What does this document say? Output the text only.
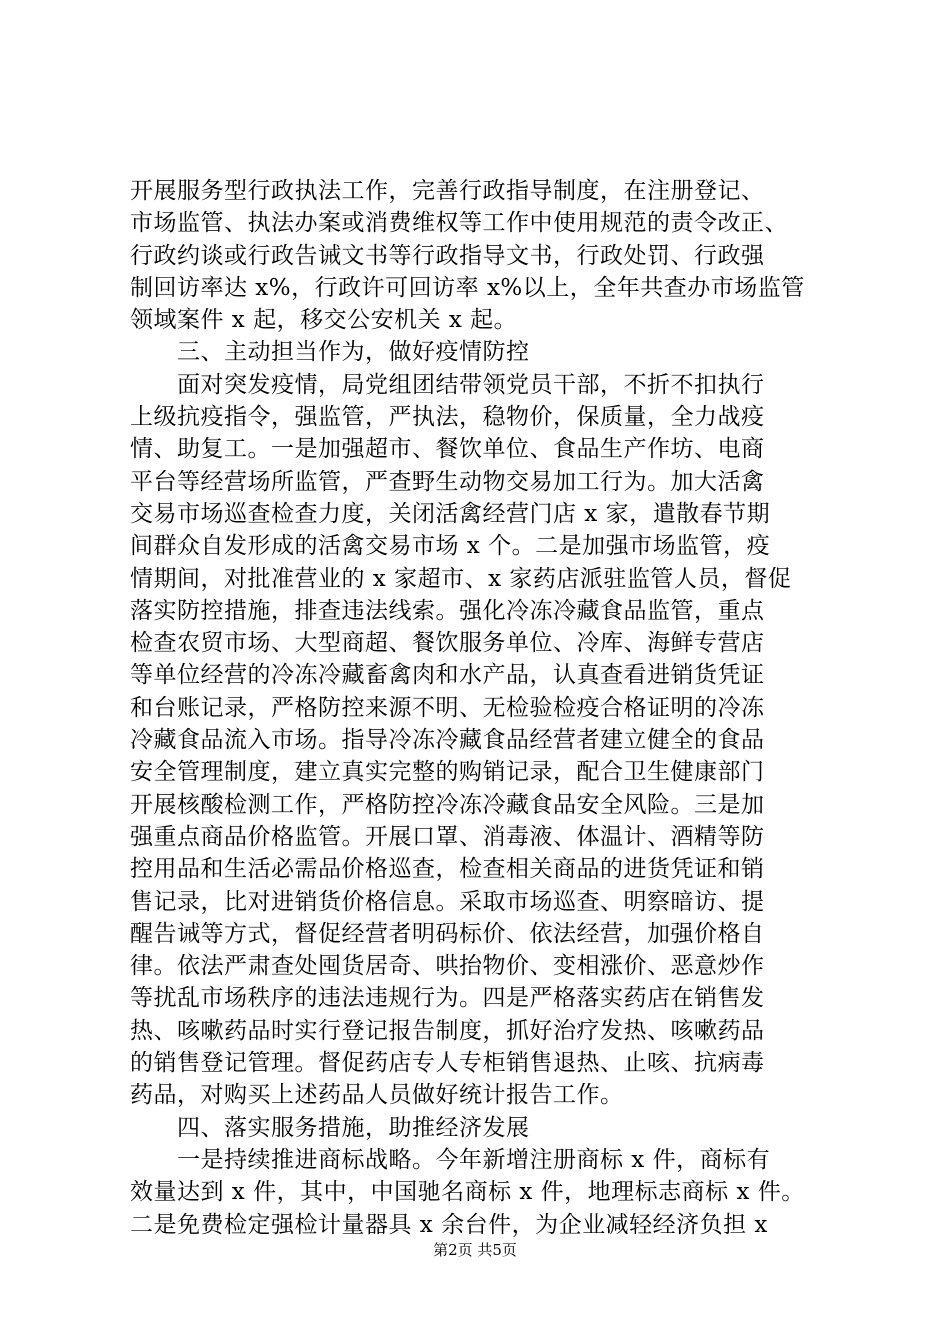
开展服务型行政执法工作，完善行政指导制度，在注册登记、
市场监管、执法办案或消费维权等工作中使用规范的责令改正、
行政约谈或行政告诫文书等行政指导文书，行政处罚、行政强
制回访率达 x%，行政许可回访率 x%以上，全年共查办市场监管
领域案件 x 起，移交公安机关 x 起。
三、主动担当作为，做好疫情防控
面对突发疫情，局党组团结带领党员干部，不折不扣执行
上级抗疫指令，强监管，严执法，稳物价，保质量，全力战疫
情、助复工。一是加强超市、餐饮单位、食品生产作坊、电商
平台等经营场所监管，严查野生动物交易加工行为。加大活禽
交易市场巡查检查力度，关闭活禽经营门店 x 家，遣散春节期
间群众自发形成的活禽交易市场 x 个。二是加强市场监管，疫
情期间，对批准营业的 x 家超市、x 家药店派驻监管人员，督促
落实防控措施，排查违法线索。强化冷冻冷藏食品监管，重点
检查农贸市场、大型商超、餐饮服务单位、冷库、海鲜专营店
等单位经营的冷冻冷藏畜禽肉和水产品，认真查看进销货凭证
和台账记录，严格防控来源不明、无检验检疫合格证明的冷冻
冷藏食品流入市场。指导冷冻冷藏食品经营者建立健全的食品
安全管理制度，建立真实完整的购销记录，配合卫生健康部门
开展核酸检测工作，严格防控冷冻冷藏食品安全风险。三是加
强重点商品价格监管。开展口罩、消毒液、体温计、酒精等防
控用品和生活必需品价格巡查，检查相关商品的进货凭证和销
售记录，比对进销货价格信息。采取市场巡查、明察暗访、提
醒告诫等方式，督促经营者明码标价、依法经营，加强价格自
律。依法严肃查处囤货居奇、哄抬物价、变相涨价、恶意炒作
等扰乱市场秩序的违法违规行为。四是严格落实药店在销售发
热、咳嗽药品时实行登记报告制度，抓好治疗发热、咳嗽药品
的销售登记管理。督促药店专人专柜销售退热、止咳、抗病毒
药品，对购买上述药品人员做好统计报告工作。
四、落实服务措施，助推经济发展
一是持续推进商标战略。今年新增注册商标 x 件，商标有
效量达到 x 件，其中，中国驰名商标 x 件，地理标志商标 x 件。
二是免费检定强检计量器具 x 余台件，为企业减轻经济负担 x
第2页 共5页
